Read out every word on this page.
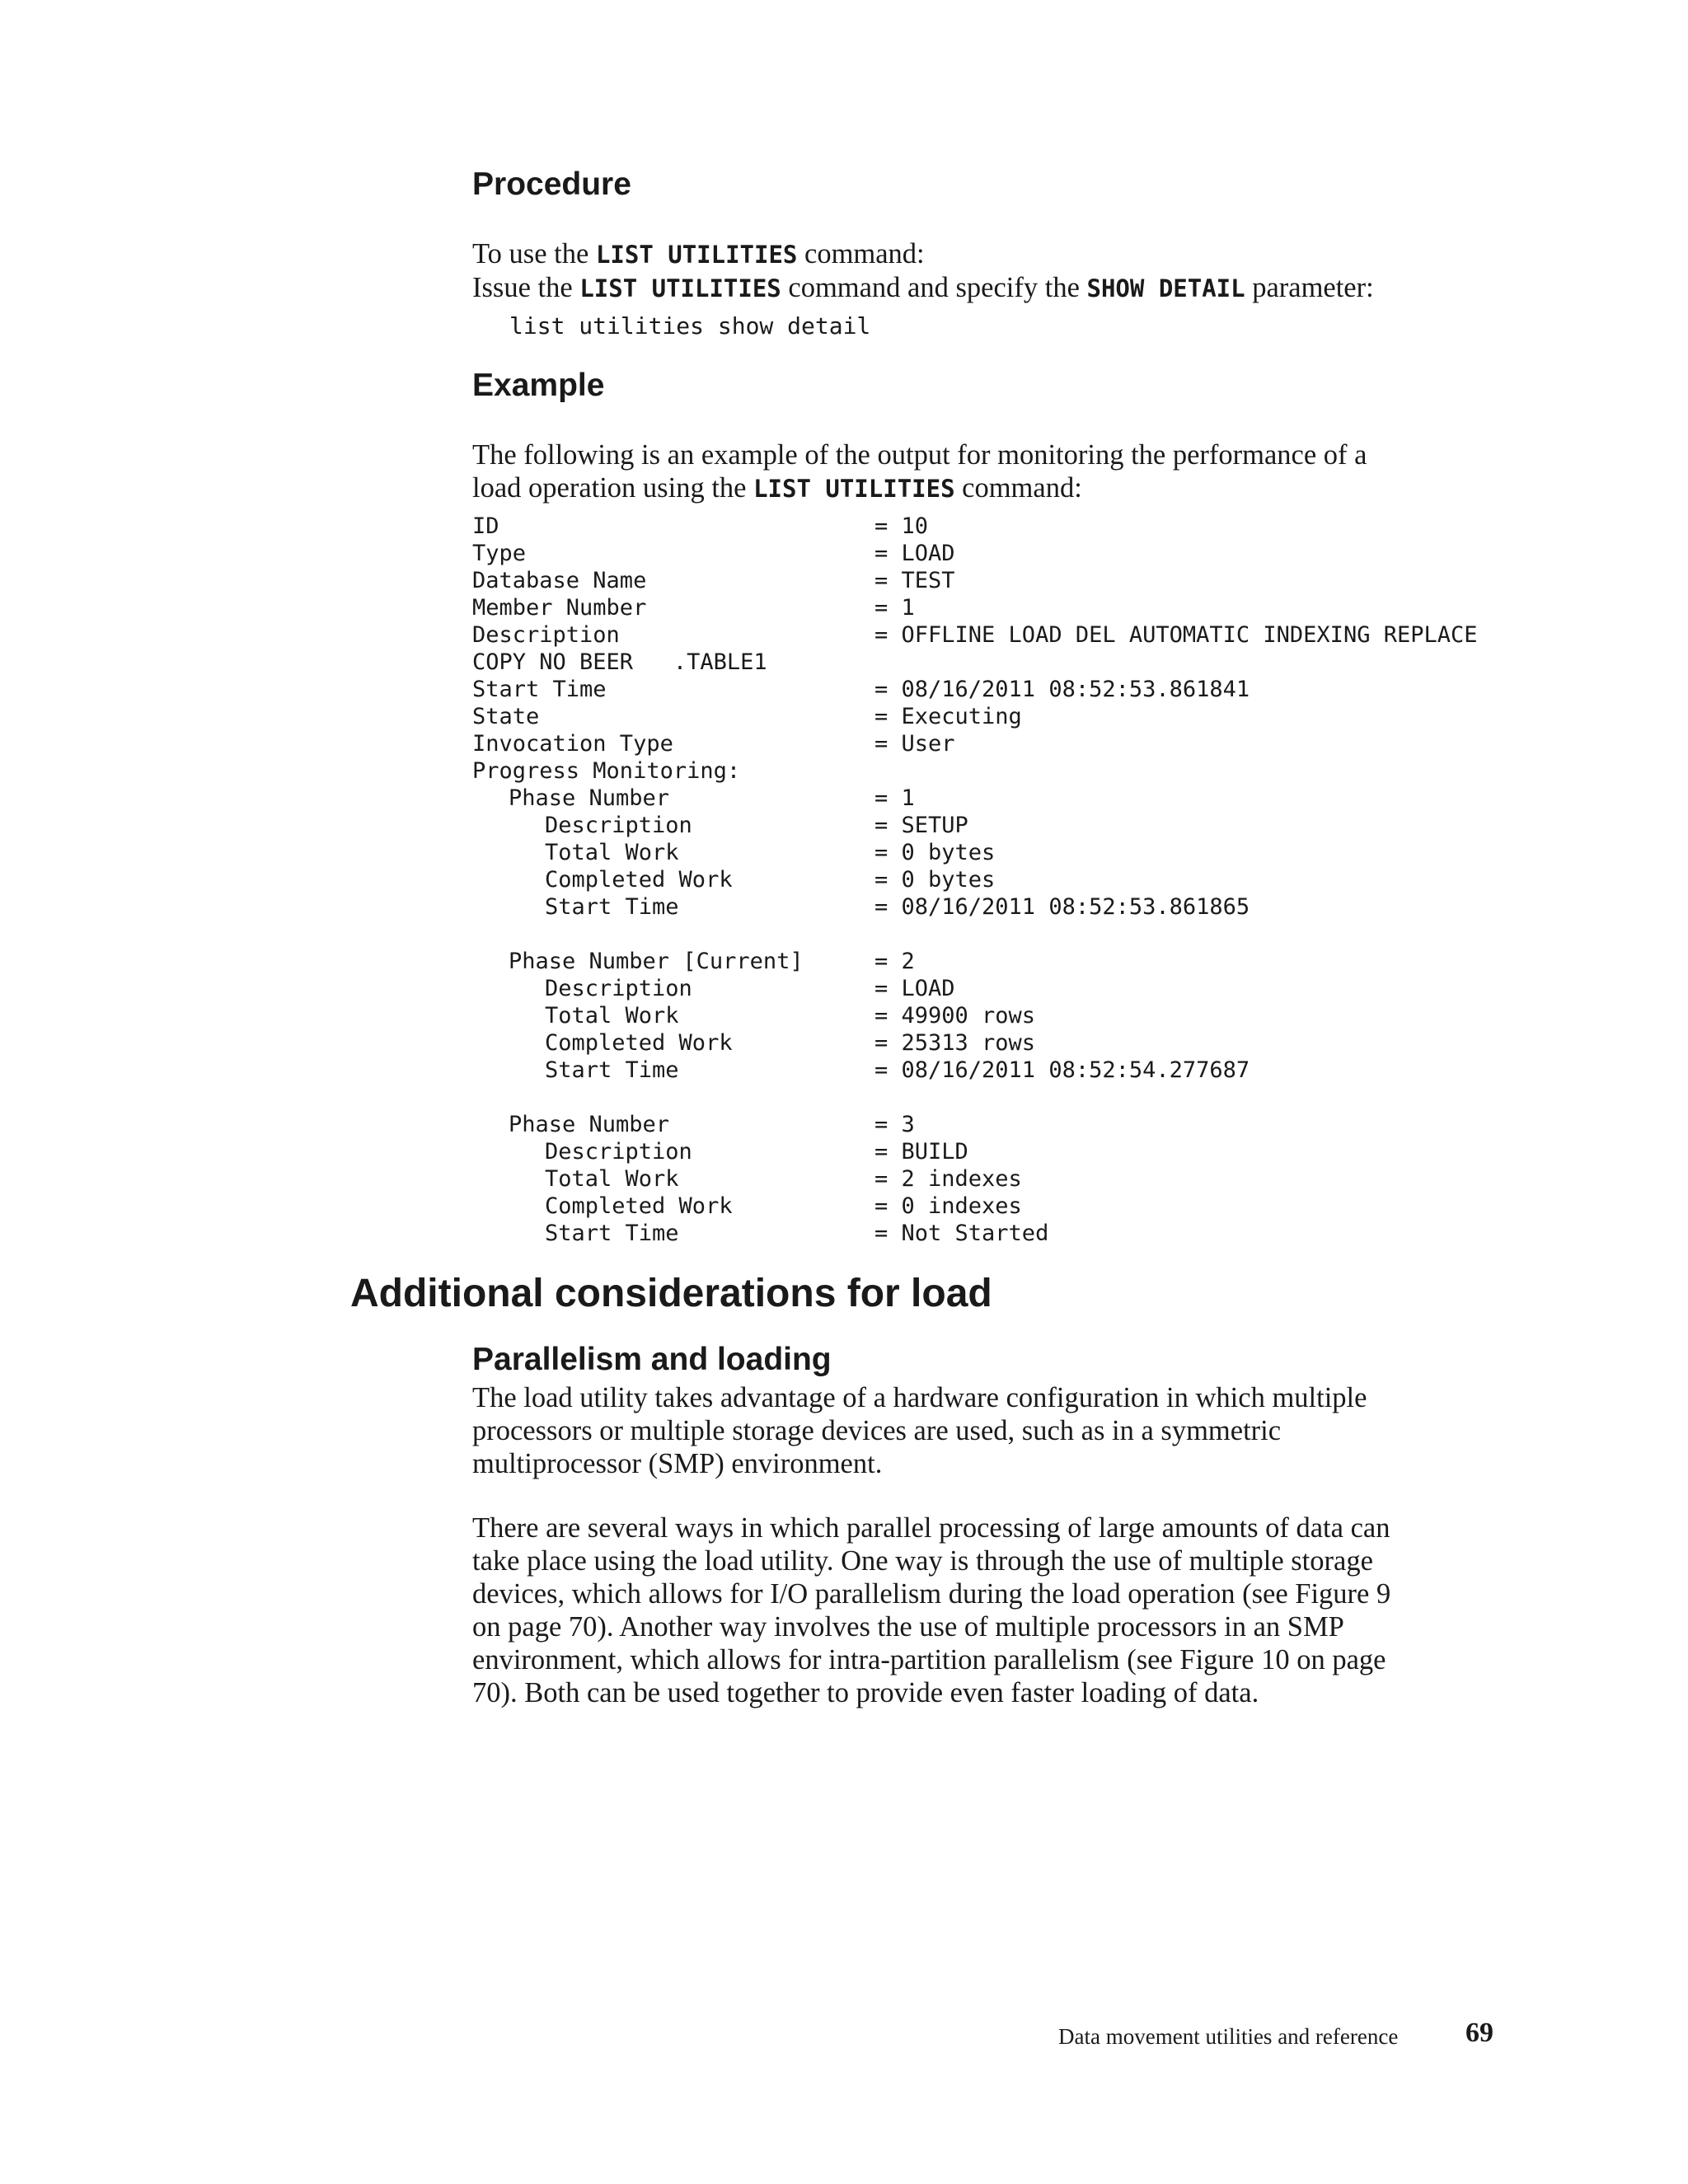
Procedure

To use the LIST UTILITIES command:
Issue the LIST UTILITIES command and specify the SHOW DETAIL parameter:

list utilities show detail
Example

The following is an example of the output for monitoring the performance of a
load operation using the LIST UTILITIES command:

ID	= 10
Type	= LOAD
Database Name	= TEST
Member Number	= 1
Description	= OFFLINE LOAD DEL AUTOMATIC INDEXING REPLACE
COPY NO BEER   .TABLE1
Start Time	= 08/16/2011 08:52:53.861841
State	= Executing
Invocation Type	= User
Progress Monitoring:
Phase Number	= 1
Description	= SETUP
Total Work	= 0 bytes
Completed Work	= 0 bytes
Start Time	= 08/16/2011 08:52:53.861865
Phase Number [Current]	= 2
Description	= LOAD
Total Work	= 49900 rows
Completed Work	= 25313 rows
Start Time	= 08/16/2011 08:52:54.277687
Phase Number	= 3
Description	= BUILD
Total Work	= 2 indexes
Completed Work	= 0 indexes
Start Time	= Not Started
Additional considerations for load
Parallelism and loading

The load utility takes advantage of a hardware configuration in which multiple
processors or multiple storage devices are used, such as in a symmetric
multiprocessor (SMP) environment.

There are several ways in which parallel processing of large amounts of data can
take place using the load utility. One way is through the use of multiple storage
devices, which allows for I/O parallelism during the load operation (see Figure 9
on page 70). Another way involves the use of multiple processors in an SMP
environment, which allows for intra-partition parallelism (see Figure 10 on page
70). Both can be used together to provide even faster loading of data.

Data movement utilities and reference 69
